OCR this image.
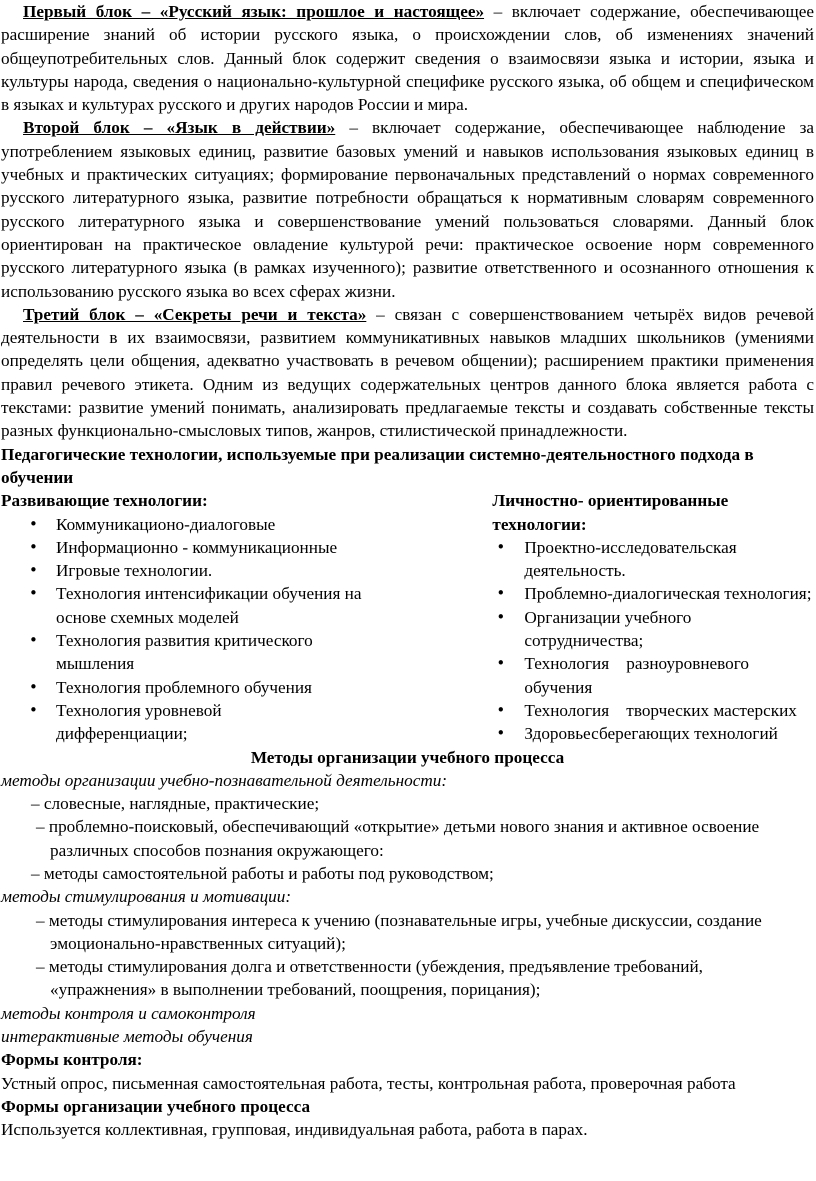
Первый блок – «Русский язык: прошлое и настоящее» – включает содержание, обеспечивающее расширение знаний об истории русского языка, о происхождении слов, об изменениях значений общеупотребительных слов. Данный блок содержит сведения о взаимосвязи языка и истории, языка и культуры народа, сведения о национально-культурной специфике русского языка, об общем и специфическом в языках и культурах русского и других народов России и мира.

Второй блок – «Язык в действии» – включает содержание, обеспечивающее наблюдение за употреблением языковых единиц, развитие базовых умений и навыков использования языковых единиц в учебных и практических ситуациях; формирование первоначальных представлений о нормах современного русского литературного языка, развитие потребности обращаться к нормативным словарям современного русского литературного языка и совершенствование умений пользоваться словарями. Данный блок ориентирован на практическое овладение культурой речи: практическое освоение норм современного русского литературного языка (в рамках изученного); развитие ответственного и осознанного отношения к использованию русского языка во всех сферах жизни.

Третий блок – «Секреты речи и текста» – связан с совершенствованием четырёх видов речевой деятельности в их взаимосвязи, развитием коммуникативных навыков младших школьников (умениями определять цели общения, адекватно участвовать в речевом общении); расширением практики применения правил речевого этикета. Одним из ведущих содержательных центров данного блока является работа с текстами: развитие умений понимать, анализировать предлагаемые тексты и создавать собственные тексты разных функционально-смысловых типов, жанров, стилистической принадлежности.

Педагогические технологии, используемые при реализации системно-деятельностного подхода в обучении

Развивающие технологии:

• Коммуникационо-диалоговые
• Информационно - коммуникационные
• Игровые технологии.
• Технология интенсификации обучения на основе схемных моделей
• Технология развития критического мышления
• Технология проблемного обучения
• Технология уровневой дифференциации;

Личностно- ориентированные технологии:

• Проектно-исследовательская деятельность.
• Проблемно-диалогическая технология;
• Организации учебного сотрудничества;
• Технология    разноуровневого обучения
• Технология    творческих мастерских
• Здоровьесберегающих технологий

Методы организации учебного процесса

методы организации учебно-познавательной деятельности:

– словесные, наглядные, практические;

– проблемно-поисковый, обеспечивающий «открытие» детьми нового знания и активное освоение различных способов познания окружающего:

– методы самостоятельной работы и работы под руководством;

методы стимулирования и мотивации:

– методы стимулирования интереса к учению (познавательные игры, учебные дискуссии, создание эмоционально-нравственных ситуаций);

– методы стимулирования долга и ответственности (убеждения, предъявление требований, «упражнения» в выполнении требований, поощрения, порицания);

методы контроля и самоконтроля

интерактивные методы обучения

Формы контроля:

Устный опрос, письменная самостоятельная работа, тесты, контрольная работа, проверочная работа

Формы организации учебного процесса

Используется коллективная, групповая, индивидуальная работа, работа в парах.
